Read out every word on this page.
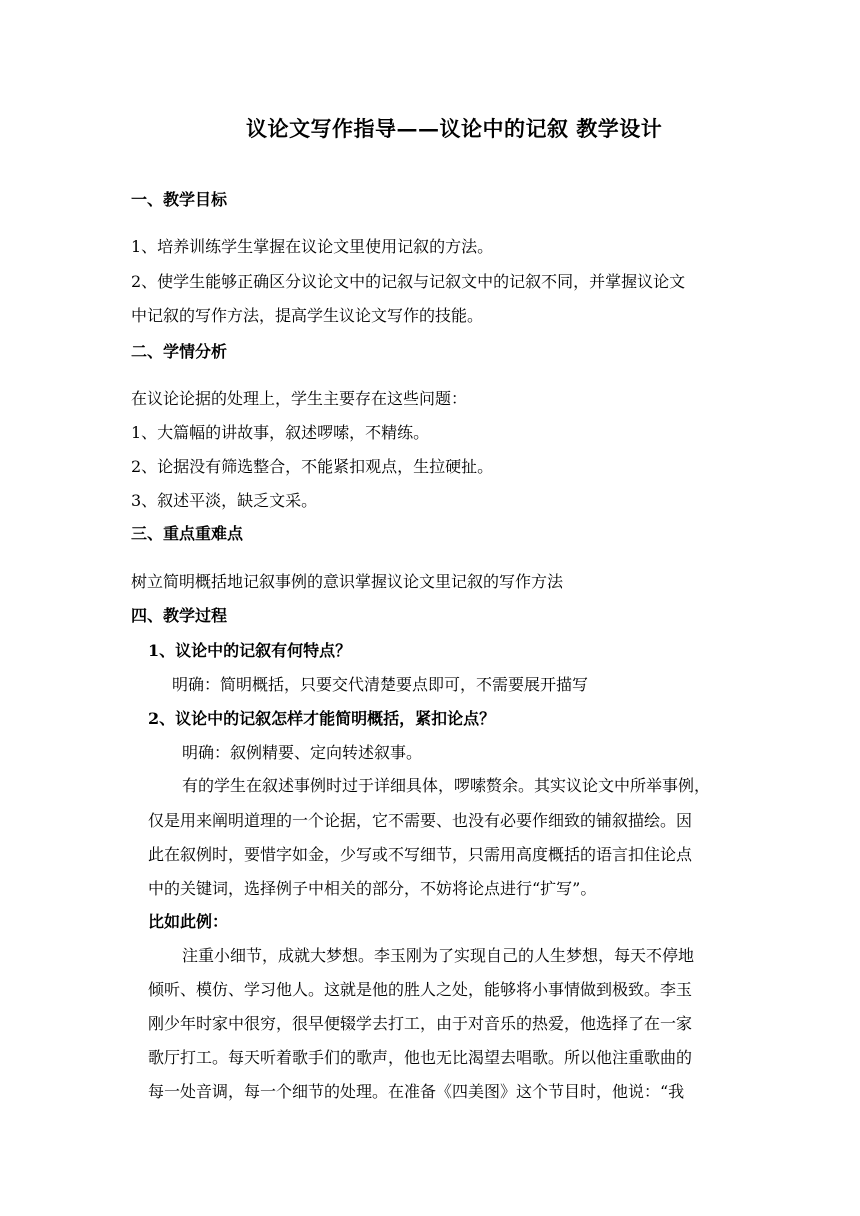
议论文写作指导——议论中的记叙 教学设计
一、教学目标
1、培养训练学生掌握在议论文里使用记叙的方法。
2、使学生能够正确区分议论文中的记叙与记叙文中的记叙不同，并掌握议论文
中记叙的写作方法，提高学生议论文写作的技能。
二、学情分析
在议论论据的处理上，学生主要存在这些问题：
1、大篇幅的讲故事，叙述啰嗦，不精练。
2、论据没有筛选整合，不能紧扣观点，生拉硬扯。
3、叙述平淡，缺乏文采。
三、重点重难点
树立简明概括地记叙事例的意识掌握议论文里记叙的写作方法
四、教学过程
1、议论中的记叙有何特点？
明确：简明概括，只要交代清楚要点即可，不需要展开描写
2、议论中的记叙怎样才能简明概括，紧扣论点？
明确：叙例精要、定向转述叙事。
有的学生在叙述事例时过于详细具体，啰嗦赘余。其实议论文中所举事例，
仅是用来阐明道理的一个论据，它不需要、也没有必要作细致的铺叙描绘。因
此在叙例时，要惜字如金，少写或不写细节，只需用高度概括的语言扣住论点
中的关键词，选择例子中相关的部分，不妨将论点进行“扩写”。
比如此例：
注重小细节，成就大梦想。李玉刚为了实现自己的人生梦想，每天不停地
倾听、模仿、学习他人。这就是他的胜人之处，能够将小事情做到极致。李玉
刚少年时家中很穷，很早便辍学去打工，由于对音乐的热爱，他选择了在一家
歌厅打工。每天听着歌手们的歌声，他也无比渴望去唱歌。所以他注重歌曲的
每一处音调，每一个细节的处理。在准备《四美图》这个节目时，他说：“我
